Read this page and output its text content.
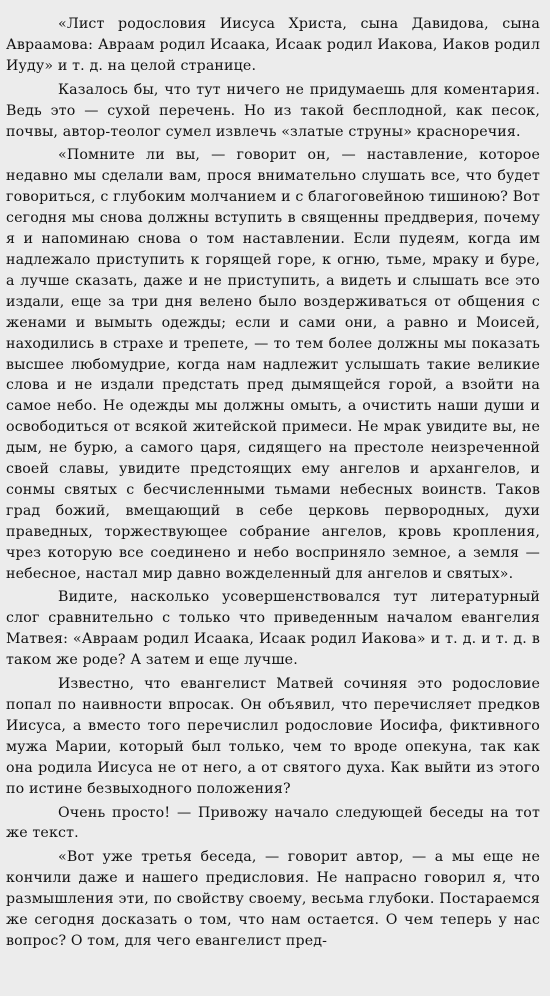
«Лист родословия Иисуса Христа, сына Давидова, сына Авраамова: Авраам родил Исаака, Исаак родил Иакова, Иаков родил Иуду» и т. д. на целой странице.

Казалось бы, что тут ничего не придумаешь для коментария. Ведь это — сухой перечень. Но из такой бесплодной, как песок, почвы, автор-теолог сумел извлечь «златые струны» красноречия.

«Помните ли вы, — говорит он, — наставление, которое недавно мы сделали вам, прося внимательно слушать все, что будет говориться, с глубоким молчанием и с благоговейною тишиною? Вот сегодня мы снова должны вступить в священны преддверия, почему я и напоминаю снова о том наставлении. Если пудеям, когда им надлежало приступить к горящей горе, к огню, тьме, мраку и буре, а лучше сказать, даже и не приступить, а видеть и слышать все это издали, еще за три дня велено было воздерживаться от общения с женами и вымыть одежды; если и сами они, а равно и Моисей, находились в страхе и трепете, — то тем более должны мы показать высшее любомудрие, когда нам надлежит услышать такие великие слова и не издали предстать пред дымящейся горой, а взойти на самое небо. Не одежды мы должны омыть, а очистить наши души и освободиться от всякой житейской примеси. Не мрак увидите вы, не дым, не бурю, а самого царя, сидящего на престоле неизреченной своей славы, увидите предстоящих ему ангелов и архангелов, и сонмы святых с бесчисленными тьмами небесных воинств. Таков град божий, вмещающий в себе церковь первородных, духи праведных, торжествующее собрание ангелов, кровь кропления, чрез которую все соединено и небо восприняло земное, а земля — небесное, настал мир давно вожделенный для ангелов и святых».

Видите, насколько усовершенствовался тут литературный слог сравнительно с только что приведенным началом евангелия Матвея: «Авраам родил Исаака, Исаак родил Иакова» и т. д. и т. д. в таком же роде? А затем и еще лучше.

Известно, что евангелист Матвей сочиняя это родословие попал по наивности впросак. Он объявил, что перечисляет предков Иисуса, а вместо того перечислил родословие Иосифа, фиктивного мужа Марии, который был только, чем то вроде опекуна, так как она родила Иисуса не от него, а от святого духа. Как выйти из этого по истине безвыходного положения?

Очень просто! — Привожу начало следующей беседы на тот же текст.

«Вот уже третья беседа, — говорит автор, — а мы еще не кончили даже и нашего предисловия. Не напрасно говорил я, что размышления эти, по свойству своему, весьма глубоки. Постараемся же сегодня досказать о том, что нам остается. О чем теперь у нас вопрос? О том, для чего евангелист пред-
